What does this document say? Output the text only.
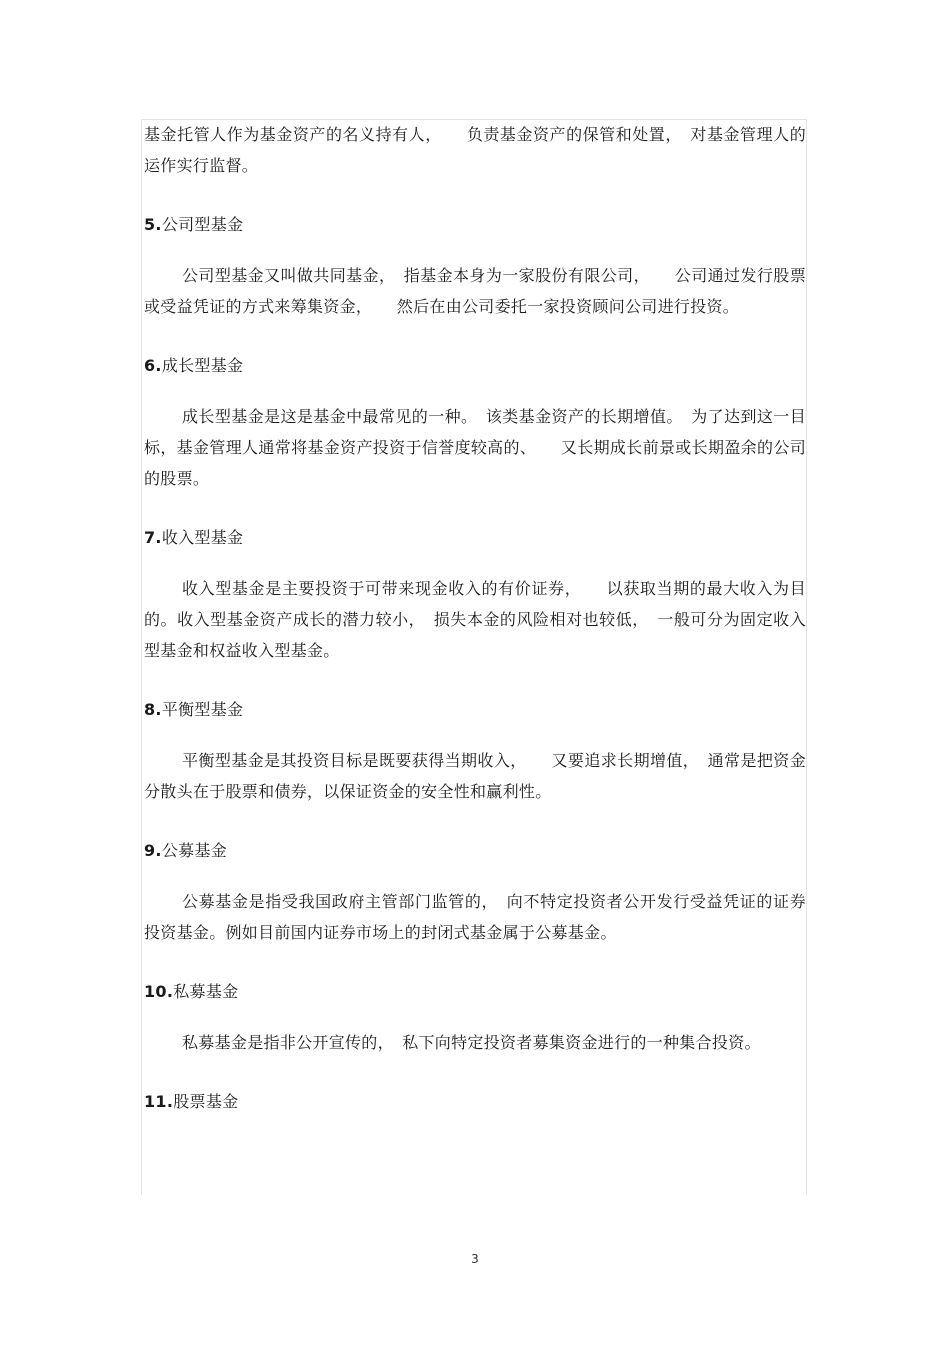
基金托管人作为基金资产的名义持有人，　　负责基金资产的保管和处置，　对基金管理人的运作实行监督。

5.公司型基金

公司型基金又叫做共同基金，　指基金本身为一家股份有限公司，　　公司通过发行股票或受益凭证的方式来筹集资金，　　然后在由公司委托一家投资顾问公司进行投资。

6.成长型基金

成长型基金是这是基金中最常见的一种。　该类基金资产的长期增值。　为了达到这一目标，基金管理人通常将基金资产投资于信誉度较高的、　　又长期成长前景或长期盈余的公司的股票。

7.收入型基金

收入型基金是主要投资于可带来现金收入的有价证券，　　以获取当期的最大收入为目的。收入型基金资产成长的潜力较小，　损失本金的风险相对也较低，　一般可分为固定收入型基金和权益收入型基金。

8.平衡型基金

平衡型基金是其投资目标是既要获得当期收入，　　又要追求长期增值，　通常是把资金分散头在于股票和债券，以保证资金的安全性和赢利性。

9.公募基金

公募基金是指受我国政府主管部门监管的，　向不特定投资者公开发行受益凭证的证券投资基金。例如目前国内证券市场上的封闭式基金属于公募基金。

10.私募基金

私募基金是指非公开宣传的，　私下向特定投资者募集资金进行的一种集合投资。

11.股票基金

3
